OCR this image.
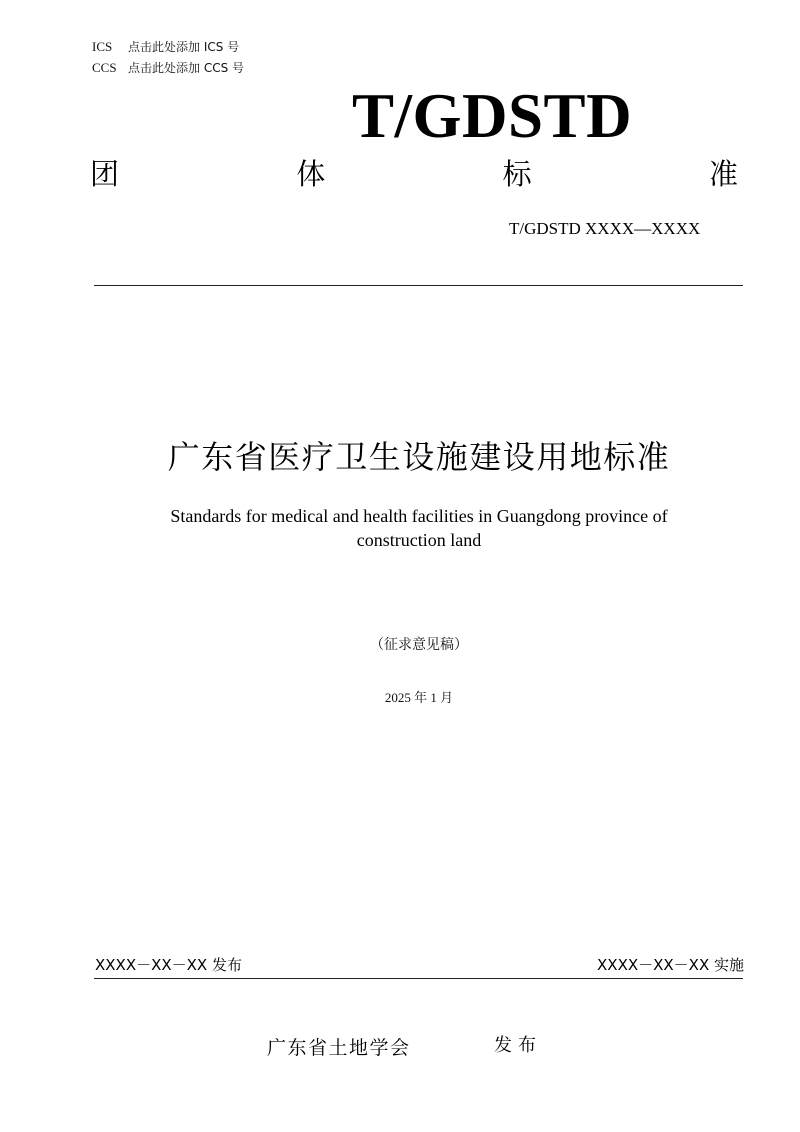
ICS 点击此处添加 ICS 号
CCS 点击此处添加 CCS 号
T/GDSTD
团	体	标	准
T/GDSTD XXXX—XXXX
广东省医疗卫生设施建设用地标准
Standards for medical and health facilities in Guangdong province of construction land
（征求意见稿）
2025 年 1 月
XXXX－XX－XX 发布	XXXX－XX－XX 实施
广东省土地学会	发布
